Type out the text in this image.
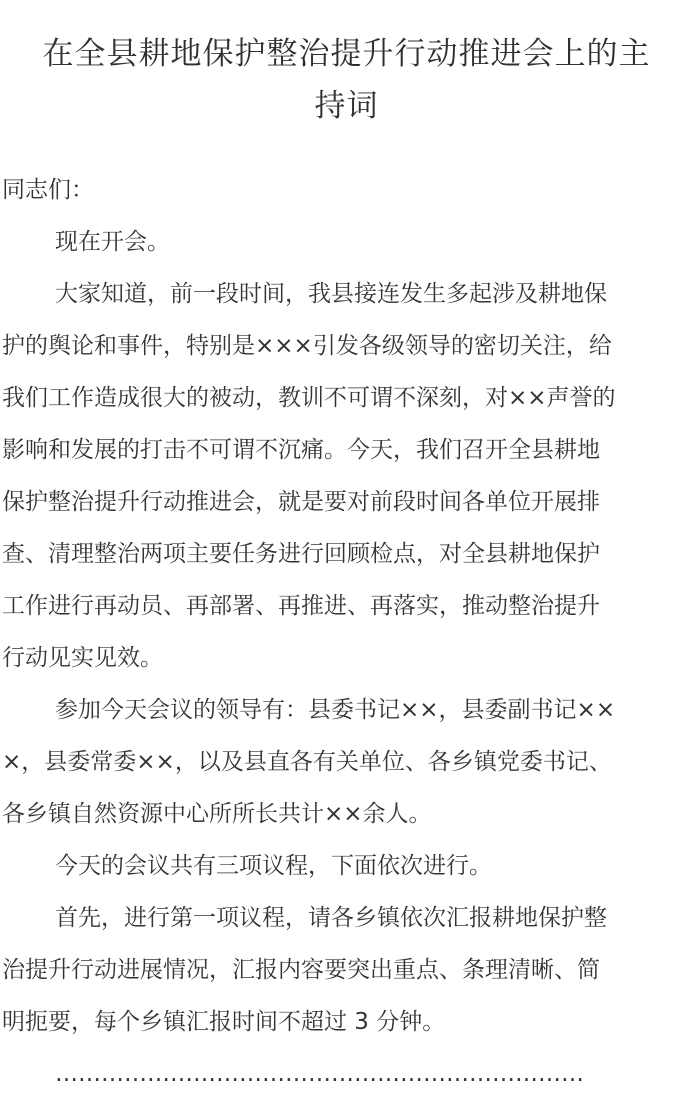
在全县耕地保护整治提升行动推进会上的主
持词

同志们：

现在开会。

大家知道，前一段时间，我县接连发生多起涉及耕地保
护的舆论和事件，特别是×××引发各级领导的密切关注，给
我们工作造成很大的被动，教训不可谓不深刻，对××声誉的
影响和发展的打击不可谓不沉痛。今天，我们召开全县耕地
保护整治提升行动推进会，就是要对前段时间各单位开展排
查、清理整治两项主要任务进行回顾检点，对全县耕地保护
工作进行再动员、再部署、再推进、再落实，推动整治提升
行动见实见效。

参加今天会议的领导有：县委书记××，县委副书记××
×，县委常委××，以及县直各有关单位、各乡镇党委书记、
各乡镇自然资源中心所所长共计××余人。

今天的会议共有三项议程，下面依次进行。

首先，进行第一项议程，请各乡镇依次汇报耕地保护整
治提升行动进展情况，汇报内容要突出重点、条理清晰、简
明扼要，每个乡镇汇报时间不超过 3 分钟。

……………………………………………………………
